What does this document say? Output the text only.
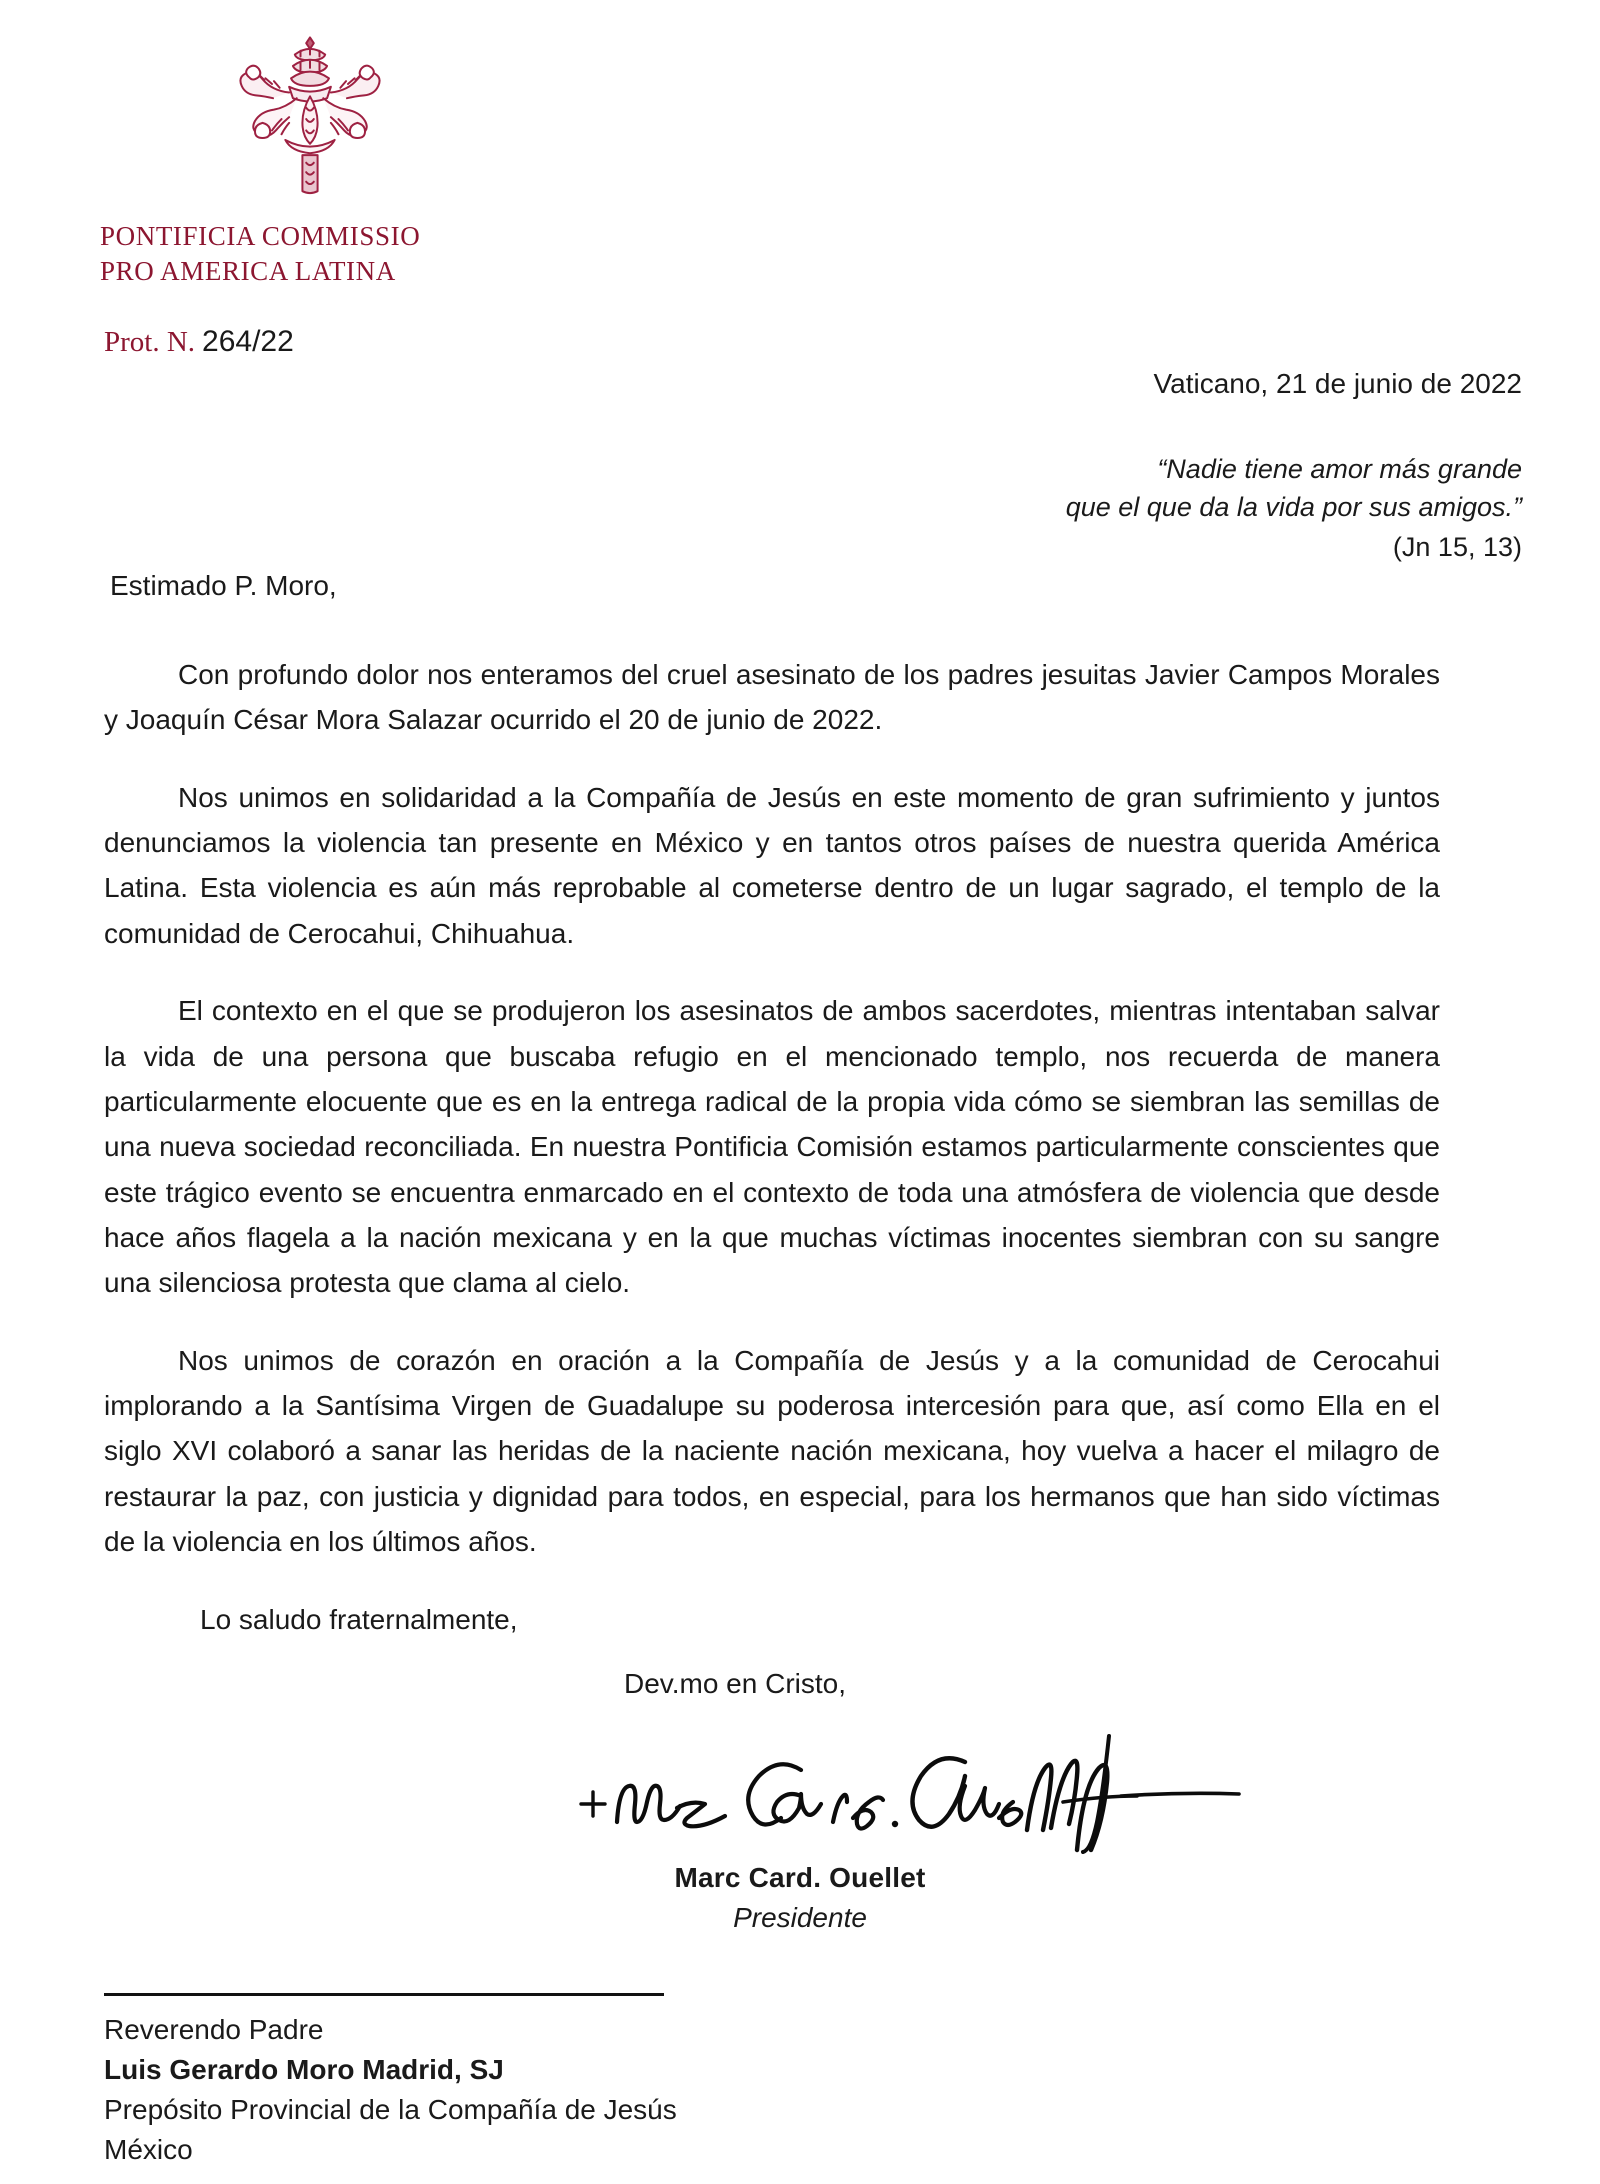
PONTIFICIA COMMISSIO
PRO AMERICA LATINA
Prot. N. 264/22
Vaticano, 21 de junio de 2022
“Nadie tiene amor más grande
que el que da la vida por sus amigos.”
(Jn 15, 13)
Estimado P. Moro,

Con profundo dolor nos enteramos del cruel asesinato de los padres jesuitas Javier Campos Morales y Joaquín César Mora Salazar ocurrido el 20 de junio de 2022.

Nos unimos en solidaridad a la Compañía de Jesús en este momento de gran sufrimiento y juntos denunciamos la violencia tan presente en México y en tantos otros países de nuestra querida América Latina. Esta violencia es aún más reprobable al cometerse dentro de un lugar sagrado, el templo de la comunidad de Cerocahui, Chihuahua.

El contexto en el que se produjeron los asesinatos de ambos sacerdotes, mientras intentaban salvar la vida de una persona que buscaba refugio en el mencionado templo, nos recuerda de manera particularmente elocuente que es en la entrega radical de la propia vida cómo se siembran las semillas de una nueva sociedad reconciliada. En nuestra Pontificia Comisión estamos particularmente conscientes que este trágico evento se encuentra enmarcado en el contexto de toda una atmósfera de violencia que desde hace años flagela a la nación mexicana y en la que muchas víctimas inocentes siembran con su sangre una silenciosa protesta que clama al cielo.

Nos unimos de corazón en oración a la Compañía de Jesús y a la comunidad de Cerocahui implorando a la Santísima Virgen de Guadalupe su poderosa intercesión para que, así como Ella en el siglo XVI colaboró a sanar las heridas de la naciente nación mexicana, hoy vuelva a hacer el milagro de restaurar la paz, con justicia y dignidad para todos, en especial, para los hermanos que han sido víctimas de la violencia en los últimos años.

Lo saludo fraternalmente,
Dev.mo en Cristo,
Marc Card. Ouellet
Presidente
Reverendo Padre
Luis Gerardo Moro Madrid, SJ
Prepósito Provincial de la Compañía de Jesús
México
